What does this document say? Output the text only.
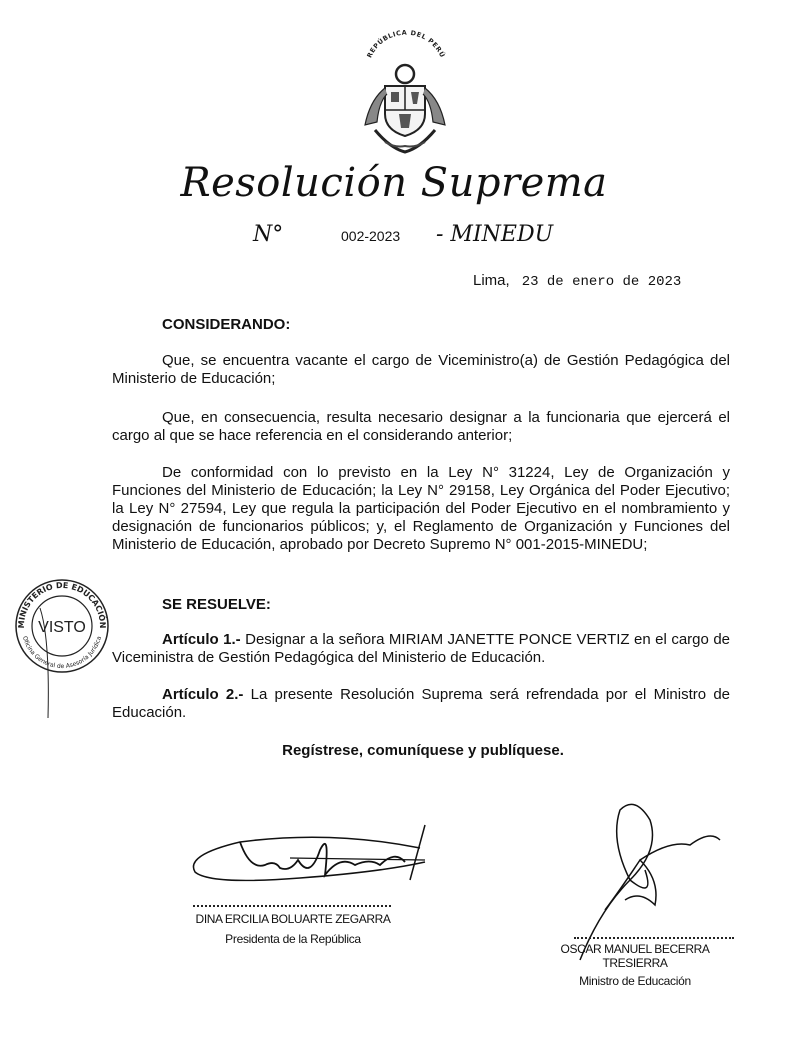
REPÚBLICA DEL PERÚ
Resolución Suprema
N°	002-2023 - MINEDU
Lima, 23 de enero de 2023
CONSIDERANDO:
Que, se encuentra vacante el cargo de Viceministro(a) de Gestión Pedagógica del Ministerio de Educación;
Que, en consecuencia, resulta necesario designar a la funcionaria que ejercerá el cargo al que se hace referencia en el considerando anterior;
De conformidad con lo previsto en la Ley N° 31224, Ley de Organización y Funciones del Ministerio de Educación; la Ley N° 29158, Ley Orgánica del Poder Ejecutivo; la Ley N° 27594, Ley que regula la participación del Poder Ejecutivo en el nombramiento y designación de funcionarios públicos; y, el Reglamento de Organización y Funciones del Ministerio de Educación, aprobado por Decreto Supremo N° 001-2015-MINEDU;
SE RESUELVE:
Artículo 1.- Designar a la señora MIRIAM JANETTE PONCE VERTIZ en el cargo de Viceministra de Gestión Pedagógica del Ministerio de Educación.
Artículo 2.- La presente Resolución Suprema será refrendada por el Ministro de Educación.
Regístrese, comuníquese y publíquese.
MINISTERIO DE EDUCACIÓN
Oficina General de Asesoría Jurídica
VISTO
DINA ERCILIA BOLUARTE ZEGARRA
Presidenta de la República
OSCAR MANUEL BECERRA TRESIERRA
Ministro de Educación
